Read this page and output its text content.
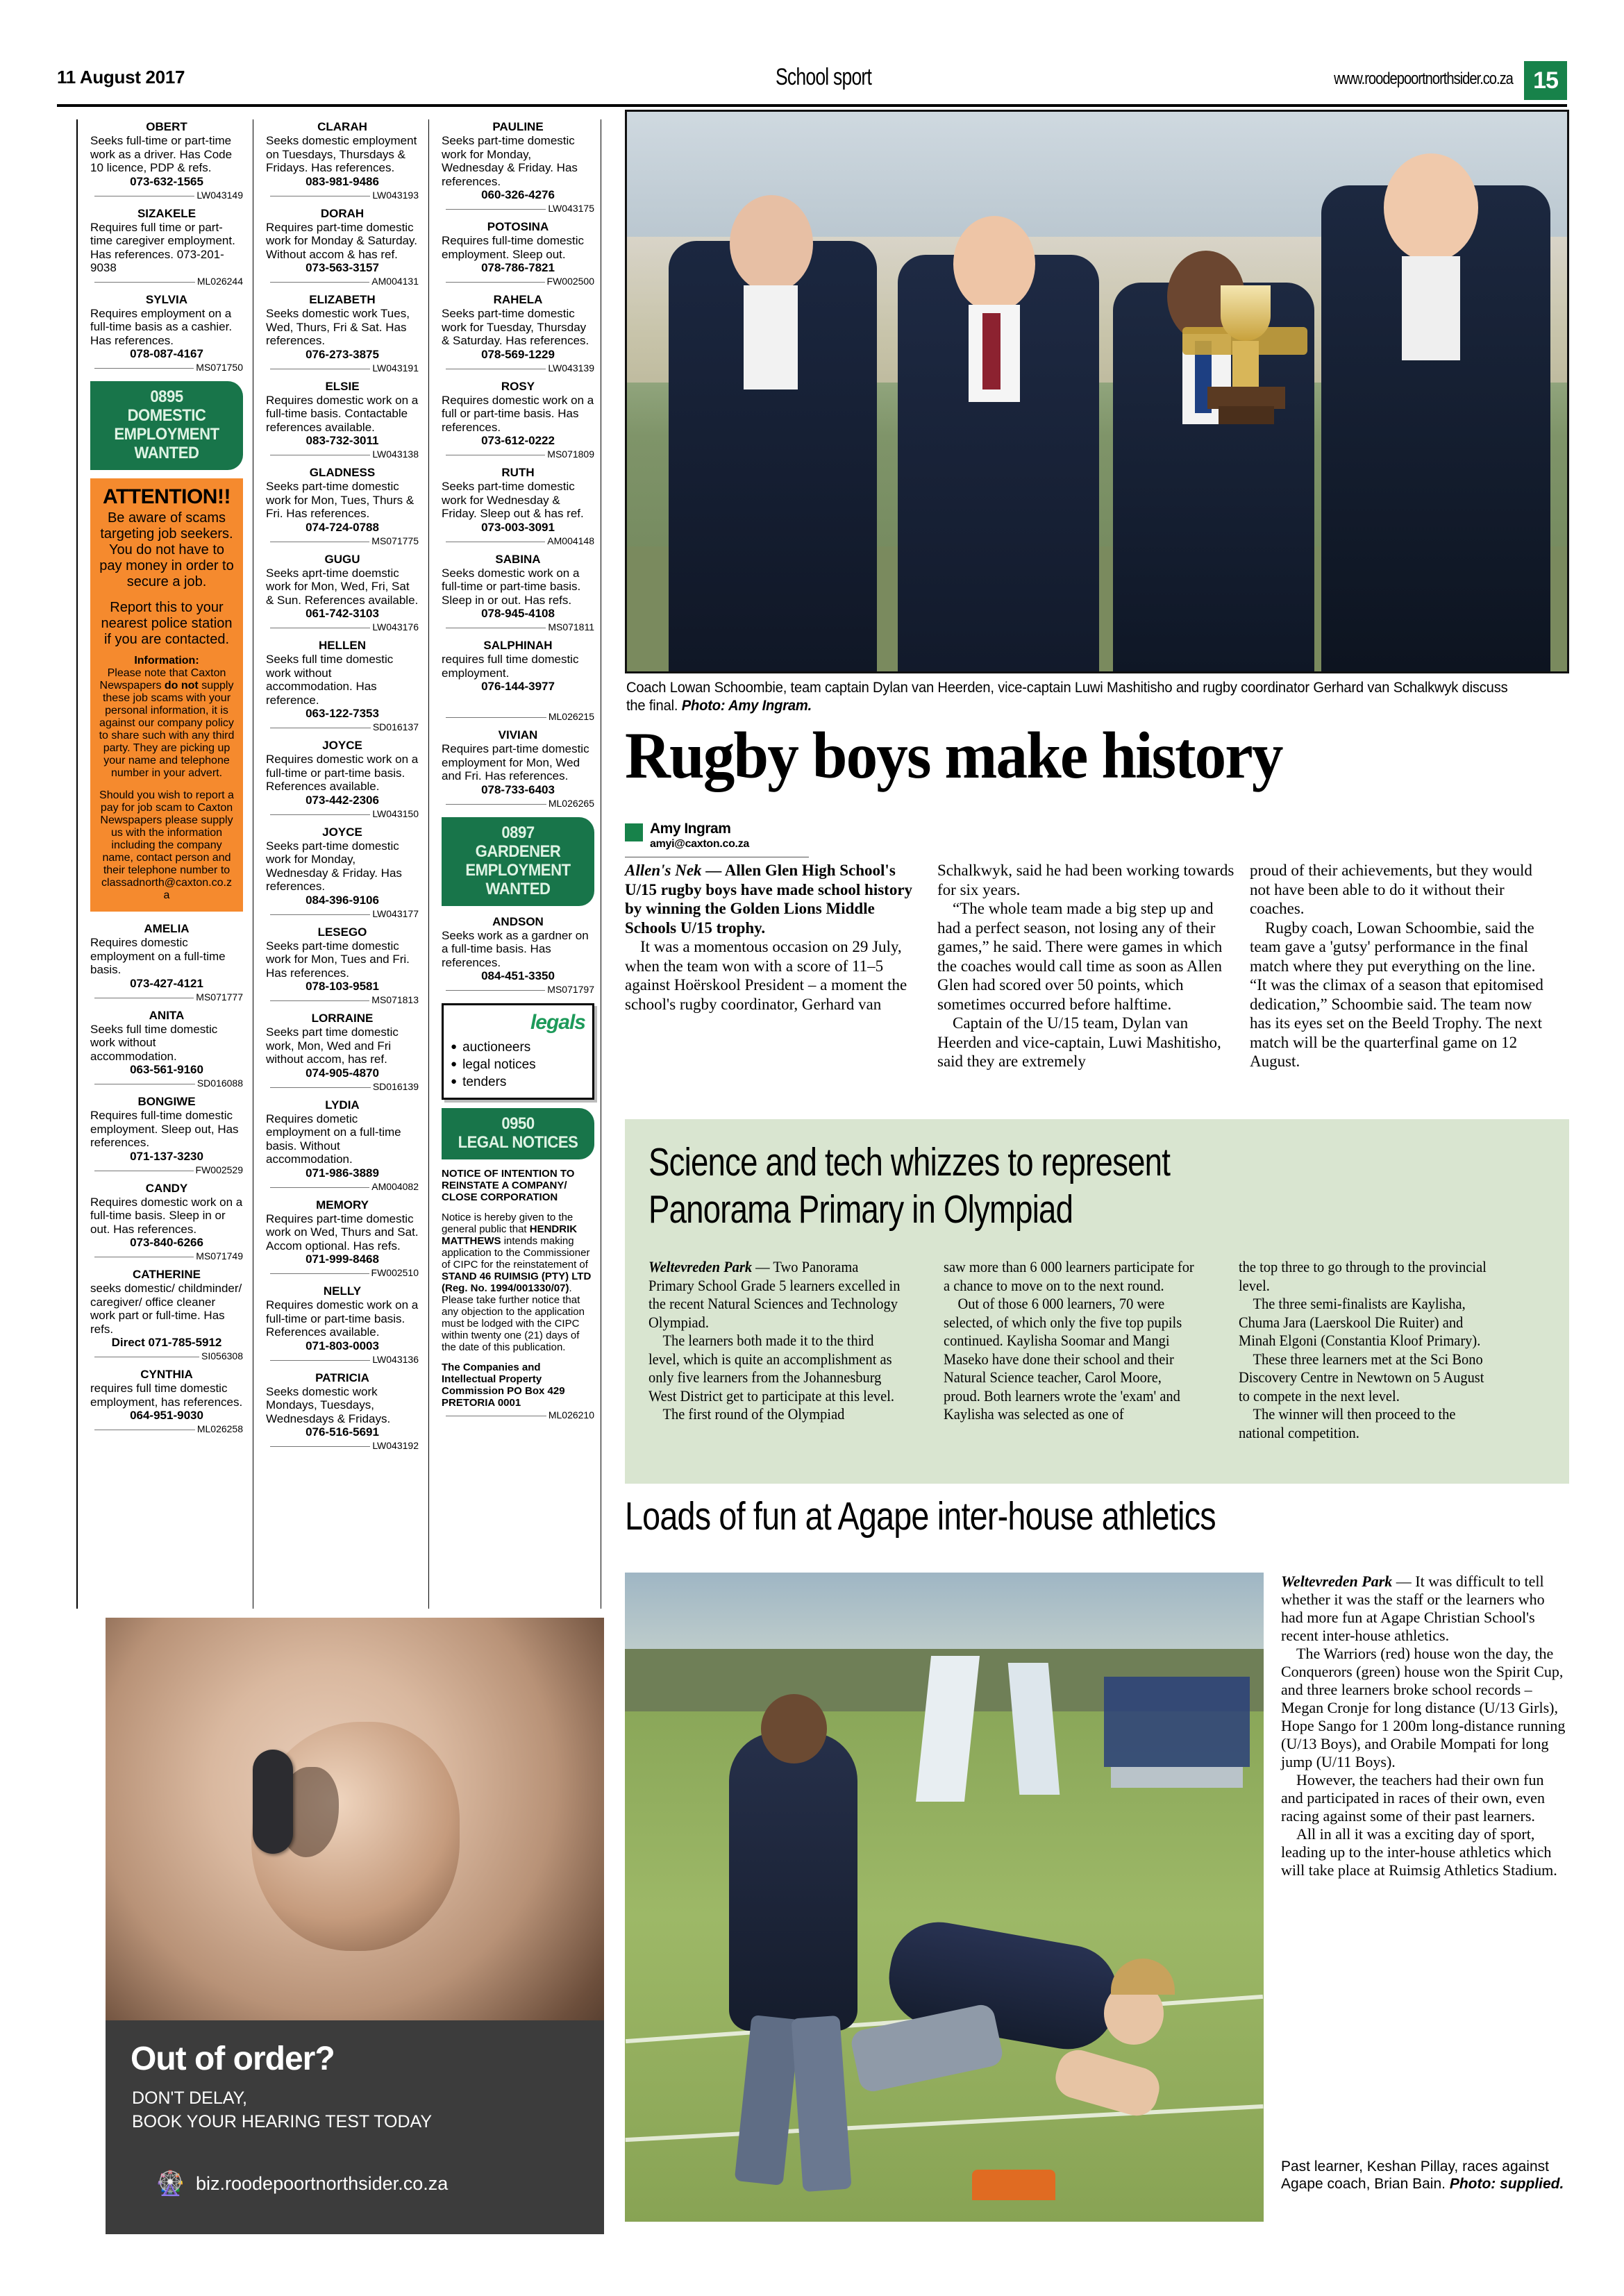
11 August 2017	School sport	www.roodepoortnorthsider.co.za 15
OBERT
Seeks full-time or part-time work as a driver. Has Code 10 licence, PDP & refs.
073-632-1565
LW043149
SIZAKELE
Requires full time or part-time caregiver employment. Has references. 073-201-9038
ML026244
SYLVIA
Requires employment on a full-time basis as a cashier. Has references.
078-087-4167
MS071750
0895
DOMESTIC
EMPLOYMENT
WANTED
ATTENTION!!

Be aware of scams targeting job seekers. You do not have to pay money in order to secure a job.

Report this to your nearest police station if you are contacted.

Information:
Please note that Caxton Newspapers do not supply these job scams with your personal information, it is against our company policy to share such with any third party. They are picking up your name and telephone number in your advert.
Should you wish to report a pay for job scam to Caxton Newspapers please supply us with the information including the company name, contact person and their telephone number to
classadnorth@caxton.co.za
AMELIA
Requires domestic employment on a full-time basis.
073-427-4121
MS071777
ANITA
Seeks full time domestic work without accommodation.
063-561-9160
SD016088
BONGIWE
Requires full-time domestic employment. Sleep out, Has references.
071-137-3230
FW002529
CANDY
Requires domestic work on a full-time basis. Sleep in or out. Has references.
073-840-6266
MS071749
CATHERINE
seeks domestic/ childminder/ caregiver/ office cleaner work part or full-time. Has refs.
Direct 071-785-5912
SI056308
CYNTHIA
requires full time domestic employment, has references.
064-951-9030
ML026258
CLARAH
Seeks domestic employment on Tuesdays, Thursdays & Fridays. Has references.
083-981-9486
LW043193
DORAH
Requires part-time domestic work for Monday & Saturday. Without accom & has ref.
073-563-3157
AM004131
ELIZABETH
Seeks domestic work Tues, Wed, Thurs, Fri & Sat. Has references.
076-273-3875
LW043191
ELSIE
Requires domestic work on a full-time basis. Contactable references available.
083-732-3011
LW043138
GLADNESS
Seeks part-time domestic work for Mon, Tues, Thurs & Fri. Has references.
074-724-0788
MS071775
GUGU
Seeks aprt-time doemstic work for Mon, Wed, Fri, Sat & Sun. References available.
061-742-3103
LW043176
HELLEN
Seeks full time domestic work without accommodation. Has reference.
063-122-7353
SD016137
JOYCE
Requires domestic work on a full-time or part-time basis. References available.
073-442-2306
LW043150
JOYCE
Seeks part-time domestic work for Monday, Wednesday & Friday. Has references.
084-396-9106
LW043177
LESEGO
Seeks part-time domestic work for Mon, Tues and Fri. Has references.
078-103-9581
MS071813
LORRAINE
Seeks part time domestic work, Mon, Wed and Fri without accom, has ref.
074-905-4870
SD016139
LYDIA
Requires dometic employment on a full-time basis. Without accommodation.
071-986-3889
AM004082
MEMORY
Requires part-time domestic work on Wed, Thurs and Sat. Accom optional. Has refs.
071-999-8468
FW002510
NELLY
Requires domestic work on a full-time or part-time basis. References available.
071-803-0003
LW043136
PATRICIA
Seeks domestic work Mondays, Tuesdays, Wednesdays & Fridays.
076-516-5691
LW043192
PAULINE
Seeks part-time domestic work for Monday, Wednesday & Friday. Has references.
060-326-4276
LW043175
POTOSINA
Requires full-time domestic employment. Sleep out.
078-786-7821
FW002500
RAHELA
Seeks part-time domestic work for Tuesday, Thursday & Saturday. Has references.
078-569-1229
LW043139
ROSY
Requires domestic work on a full or part-time basis. Has references.
073-612-0222
MS071809
RUTH
Seeks part-time domestic work for Wednesday & Friday. Sleep out & has ref.
073-003-3091
AM004148
SABINA
Seeks domestic work on a full-time or part-time basis. Sleep in or out. Has refs.
078-945-4108
MS071811
SALPHINAH
requires full time domestic employment.
076-144-3977
ML026215
VIVIAN
Requires part-time domestic employment for Mon, Wed and Fri. Has references.
078-733-6403
ML026265
0897
GARDENER
EMPLOYMENT
WANTED
ANDSON
Seeks work as a gardner on a full-time basis. Has references.
084-451-3350
MS071797
legals
● auctioneers
● legal notices
● tenders
0950
LEGAL NOTICES
NOTICE OF INTENTION TO REINSTATE A COMPANY/ CLOSE CORPORATION
Notice is hereby given to the general public that HENDRIK MATTHEWS intends making application to the Commissioner of CIPC for the reinstatement of STAND 46 RUIMSIG (PTY) LTD (Reg. No. 1994/001330/07). Please take further notice that any objection to the application must be lodged with the CIPC within twenty one (21) days of the date of this publication.
The Companies and Intellectual Property Commission PO Box 429 PRETORIA 0001
ML026210
Out of order?
DON'T DELAY,
BOOK YOUR HEARING TEST TODAY
🎡 biz.roodepoortnorthsider.co.za
Coach Lowan Schoombie, team captain Dylan van Heerden, vice-captain Luwi Mashitisho and rugby coordinator Gerhard van Schalkwyk discuss the final. Photo: Amy Ingram.
Rugby boys make history
Amy Ingram
amyi@caxton.co.za

Allen's Nek — Allen Glen High School's U/15 rugby boys have made school history by winning the Golden Lions Middle Schools U/15 trophy.

It was a momentous occasion on 29 July, when the team won with a score of 11–5 against Hoërskool President – a moment the school's rugby coordinator, Gerhard van

Schalkwyk, said he had been working towards for six years.

“The whole team made a big step up and had a perfect season, not losing any of their games,” he said. There were games in which the coaches would call time as soon as Allen Glen had scored over 50 points, which sometimes occurred before halftime.

Captain of the U/15 team, Dylan van Heerden and vice-captain, Luwi Mashitisho, said they are extremely

proud of their achievements, but they would not have been able to do it without their coaches.

Rugby coach, Lowan Schoombie, said the team gave a 'gutsy' performance in the final match where they put everything on the line. “It was the climax of a season that epitomised dedication,” Schoombie said. The team now has its eyes set on the Beeld Trophy. The next match will be the quarterfinal game on 12 August.

Science and tech whizzes to represent
Panorama Primary in Olympiad

Weltevreden Park — Two Panorama Primary School Grade 5 learners excelled in the recent Natural Sciences and Technology Olympiad.

The learners both made it to the third level, which is quite an accomplishment as only five learners from the Johannesburg West District get to participate at this level.

The first round of the Olympiad

saw more than 6 000 learners participate for a chance to move on to the next round.

Out of those 6 000 learners, 70 were selected, of which only the five top pupils continued. Kaylisha Soomar and Mangi Maseko have done their school and their Natural Science teacher, Carol Moore, proud. Both learners wrote the 'exam' and Kaylisha was selected as one of

the top three to go through to the provincial level.

The three semi-finalists are Kaylisha, Chuma Jara (Laerskool Die Ruiter) and Minah Elgoni (Constantia Kloof Primary).

These three learners met at the Sci Bono Discovery Centre in Newtown on 5 August to compete in the next level.

The winner will then proceed to the national competition.

Loads of fun at Agape inter-house athletics

Weltevreden Park — It was difficult to tell whether it was the staff or the learners who had more fun at Agape Christian School's recent inter-house athletics.

The Warriors (red) house won the day, the Conquerors (green) house won the Spirit Cup, and three learners broke school records – Megan Cronje for long distance (U/13 Girls), Hope Sango for 1 200m long-distance running (U/13 Boys), and Orabile Mompati for long jump (U/11 Boys).

However, the teachers had their own fun and participated in races of their own, even racing against some of their past learners.

All in all it was a exciting day of sport, leading up to the inter-house athletics which will take place at Ruimsig Athletics Stadium.

Past learner, Keshan Pillay, races against Agape coach, Brian Bain. Photo: supplied.
